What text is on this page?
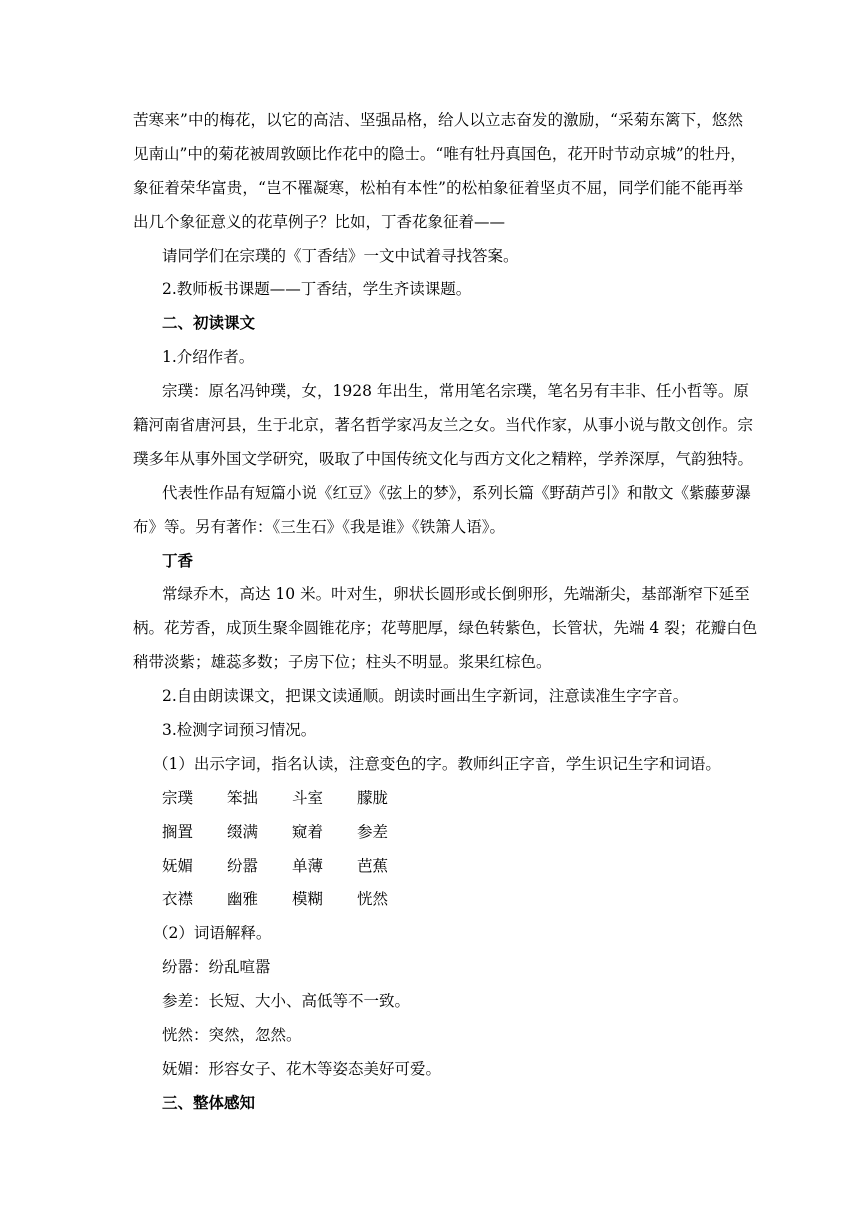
苦寒来”中的梅花，以它的高洁、坚强品格，给人以立志奋发的激励，“采菊东篱下，悠然
见南山”中的菊花被周敦颐比作花中的隐士。“唯有牡丹真国色，花开时节动京城”的牡丹，
象征着荣华富贵，“岂不罹凝寒，松柏有本性”的松柏象征着坚贞不屈，同学们能不能再举
出几个象征意义的花草例子？比如，丁香花象征着——
请同学们在宗璞的《丁香结》一文中试着寻找答案。
2.教师板书课题——丁香结，学生齐读课题。
二、初读课文
1.介绍作者。
宗璞：原名冯钟璞，女，1928 年出生，常用笔名宗璞，笔名另有丰非、任小哲等。原
籍河南省唐河县，生于北京，著名哲学家冯友兰之女。当代作家，从事小说与散文创作。宗
璞多年从事外国文学研究，吸取了中国传统文化与西方文化之精粹，学养深厚，气韵独特。
代表性作品有短篇小说《红豆》《弦上的梦》，系列长篇《野葫芦引》和散文《紫藤萝瀑
布》等。另有著作：《三生石》《我是谁》《铁箫人语》。
丁香
常绿乔木，高达 10 米。叶对生，卵状长圆形或长倒卵形，先端渐尖，基部渐窄下延至
柄。花芳香，成顶生聚伞圆锥花序；花萼肥厚，绿色转紫色，长管状，先端 4 裂；花瓣白色
稍带淡紫；雄蕊多数；子房下位；柱头不明显。浆果红棕色。
2.自由朗读课文，把课文读通顺。朗读时画出生字新词，注意读准生字字音。
3.检测字词预习情况。
（1）出示字词，指名认读，注意变色的字。教师纠正字音，学生识记生字和词语。
宗璞	笨拙	斗室	朦胧
搁置	缀满	窥着	参差
妩媚	纷嚣	单薄	芭蕉
衣襟	幽雅	模糊	恍然
（2）词语解释。
纷嚣：纷乱喧嚣
参差：长短、大小、高低等不一致。
恍然：突然，忽然。
妩媚：形容女子、花木等姿态美好可爱。
三、整体感知
